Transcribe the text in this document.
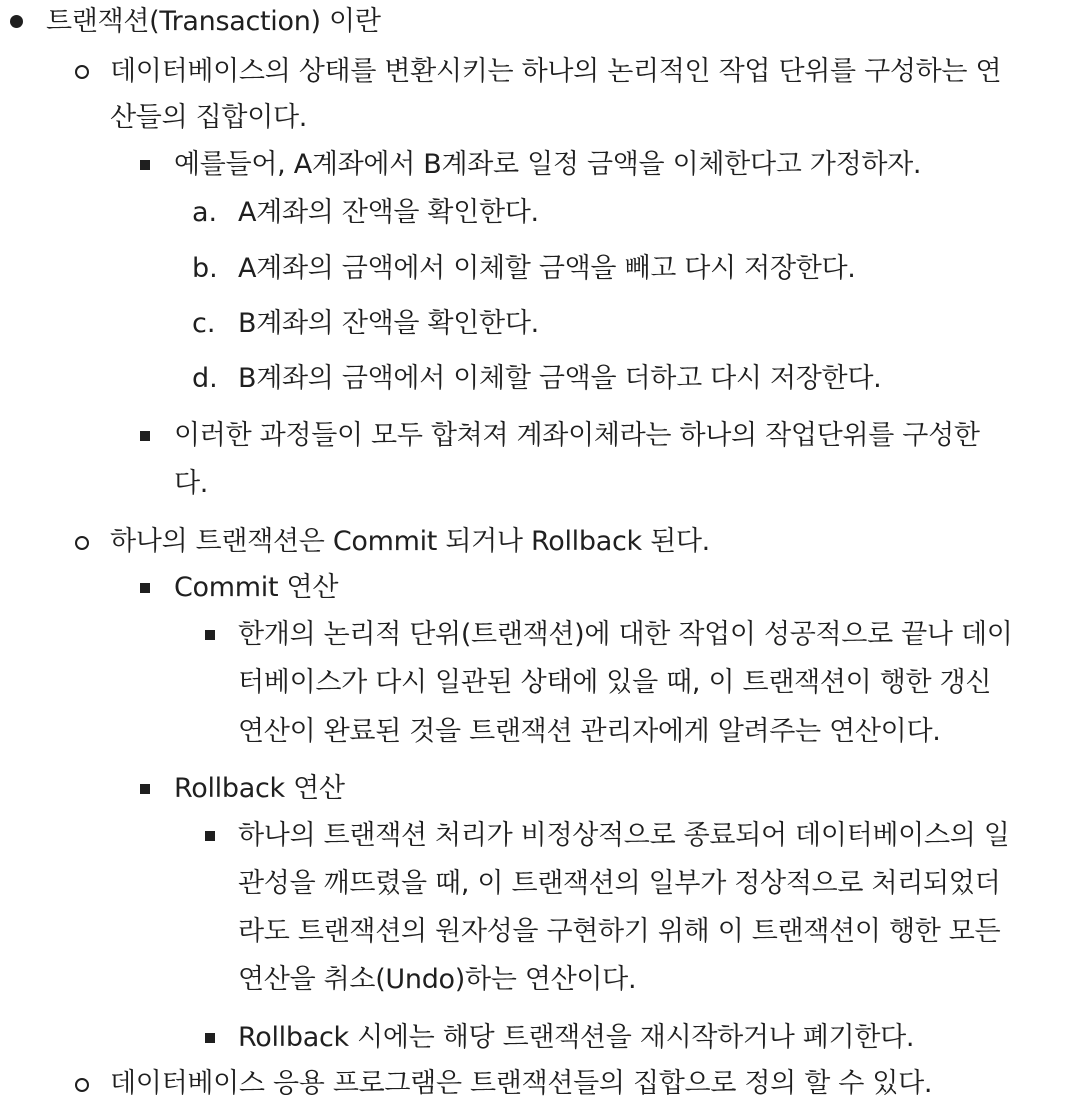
트랜잭션(Transaction) 이란
데이터베이스의 상태를 변환시키는 하나의 논리적인 작업 단위를 구성하는 연
산들의 집합이다.
예를들어, A계좌에서 B계좌로 일정 금액을 이체한다고 가정하자.
a. A계좌의 잔액을 확인한다.
b. A계좌의 금액에서 이체할 금액을 빼고 다시 저장한다.
c. B계좌의 잔액을 확인한다.
d. B계좌의 금액에서 이체할 금액을 더하고 다시 저장한다.
이러한 과정들이 모두 합쳐져 계좌이체라는 하나의 작업단위를 구성한
다.
하나의 트랜잭션은 Commit 되거나 Rollback 된다.
Commit 연산
한개의 논리적 단위(트랜잭션)에 대한 작업이 성공적으로 끝나 데이
터베이스가 다시 일관된 상태에 있을 때, 이 트랜잭션이 행한 갱신
연산이 완료된 것을 트랜잭션 관리자에게 알려주는 연산이다.
Rollback 연산
하나의 트랜잭션 처리가 비정상적으로 종료되어 데이터베이스의 일
관성을 깨뜨렸을 때, 이 트랜잭션의 일부가 정상적으로 처리되었더
라도 트랜잭션의 원자성을 구현하기 위해 이 트랜잭션이 행한 모든
연산을 취소(Undo)하는 연산이다.
Rollback 시에는 해당 트랜잭션을 재시작하거나 폐기한다.
데이터베이스 응용 프로그램은 트랜잭션들의 집합으로 정의 할 수 있다.
